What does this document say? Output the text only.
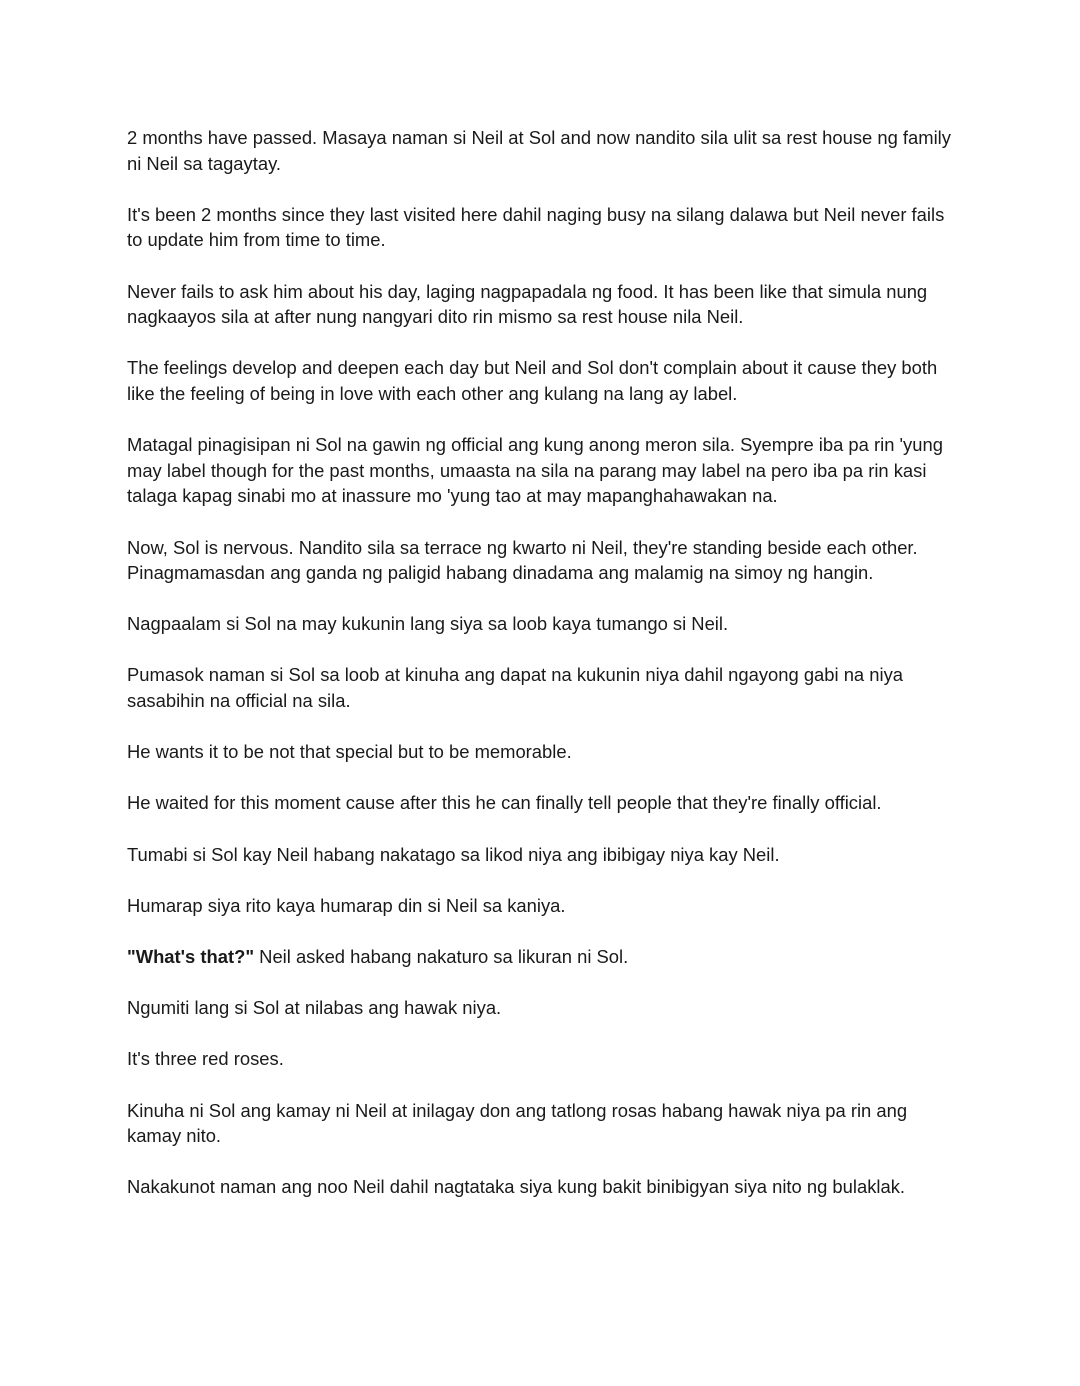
2 months have passed. Masaya naman si Neil at Sol and now nandito sila ulit sa rest house ng family ni Neil sa tagaytay.

It's been 2 months since they last visited here dahil naging busy na silang dalawa but Neil never fails to update him from time to time.

Never fails to ask him about his day, laging nagpapadala ng food. It has been like that simula nung nagkaayos sila at after nung nangyari dito rin mismo sa rest house nila Neil.

The feelings develop and deepen each day but Neil and Sol don't complain about it cause they both like the feeling of being in love with each other ang kulang na lang ay label.

Matagal pinagisipan ni Sol na gawin ng official ang kung anong meron sila. Syempre iba pa rin 'yung may label though for the past months, umaasta na sila na parang may label na pero iba pa rin kasi talaga kapag sinabi mo at inassure mo 'yung tao at may mapanghahawakan na.

Now, Sol is nervous. Nandito sila sa terrace ng kwarto ni Neil, they're standing beside each other. Pinagmamasdan ang ganda ng paligid habang dinadama ang malamig na simoy ng hangin.

Nagpaalam si Sol na may kukunin lang siya sa loob kaya tumango si Neil.

Pumasok naman si Sol sa loob at kinuha ang dapat na kukunin niya dahil ngayong gabi na niya sasabihin na official na sila.

He wants it to be not that special but to be memorable.

He waited for this moment cause after this he can finally tell people that they're finally official.

Tumabi si Sol kay Neil habang nakatago sa likod niya ang ibibigay niya kay Neil.

Humarap siya rito kaya humarap din si Neil sa kaniya.

"What's that?" Neil asked habang nakaturo sa likuran ni Sol.

Ngumiti lang si Sol at nilabas ang hawak niya.

It's three red roses.

Kinuha ni Sol ang kamay ni Neil at inilagay don ang tatlong rosas habang hawak niya pa rin ang kamay nito.

Nakakunot naman ang noo Neil dahil nagtataka siya kung bakit binibigyan siya nito ng bulaklak.
